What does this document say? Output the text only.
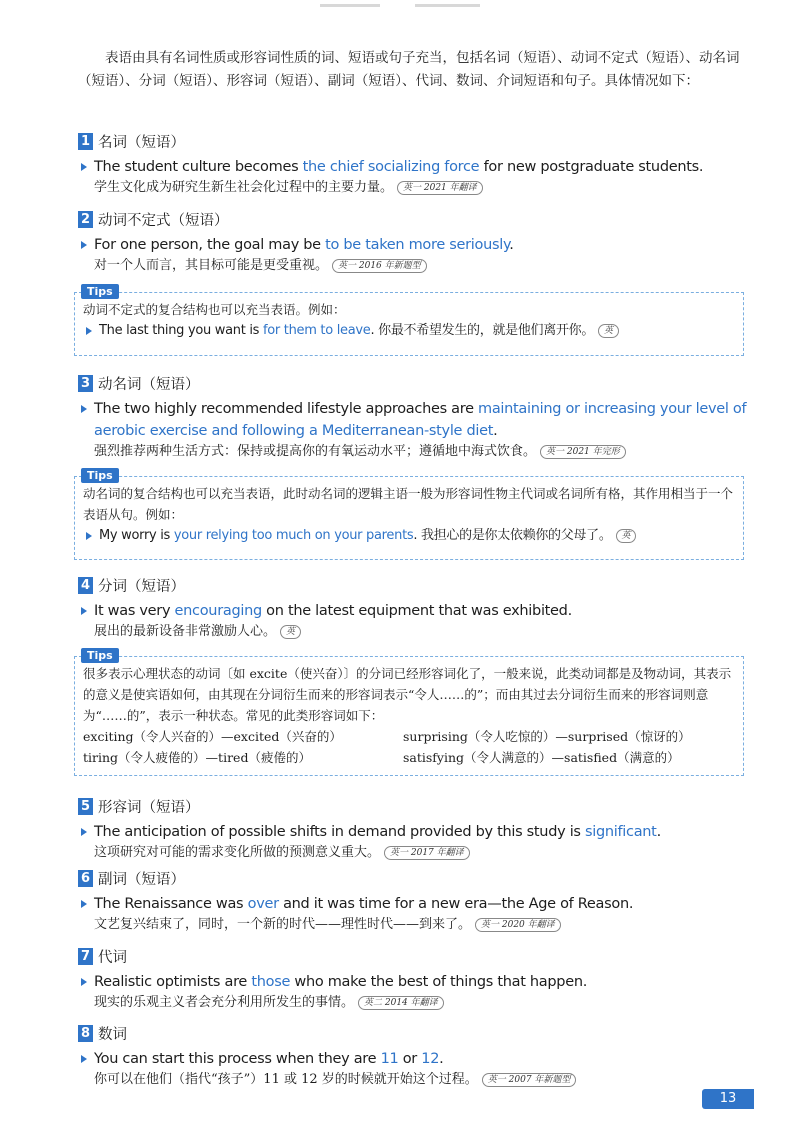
表语由具有名词性质或形容词性质的词、短语或句子充当，包括名词（短语）、动词不定式（短语）、动名词（短语）、分词（短语）、形容词（短语）、副词（短语）、代词、数词、介词短语和句子。具体情况如下：
1 名词（短语）
The student culture becomes the chief socializing force for new postgraduate students.
学生文化成为研究生新生社会化过程中的主要力量。 英一 2021 年翻译
2 动词不定式（短语）
For one person, the goal may be to be taken more seriously.
对一个人而言，其目标可能是更受重视。 英一 2016 年新题型
Tips
动词不定式的复合结构也可以充当表语。例如：
The last thing you want is for them to leave. 你最不希望发生的，就是他们离开你。 英
3 动名词（短语）
The two highly recommended lifestyle approaches are maintaining or increasing your level of aerobic exercise and following a Mediterranean-style diet.
强烈推荐两种生活方式：保持或提高你的有氧运动水平；遵循地中海式饮食。 英一 2021 年完形
Tips
动名词的复合结构也可以充当表语，此时动名词的逻辑主语一般为形容词性物主代词或名词所有格，其作用相当于一个表语从句。例如：
My worry is your relying too much on your parents. 我担心的是你太依赖你的父母了。 英
4 分词（短语）
It was very encouraging on the latest equipment that was exhibited.
展出的最新设备非常激励人心。 英
Tips
很多表示心理状态的动词〔如 excite（使兴奋）〕的分词已经形容词化了，一般来说，此类动词都是及物动词，其表示的意义是使宾语如何，由其现在分词衍生而来的形容词表示“令人……的”；而由其过去分词衍生而来的形容词则意为“……的”，表示一种状态。常见的此类形容词如下：
exciting（令人兴奋的）—excited（兴奋的）	surprising（令人吃惊的）—surprised（惊讶的）
tiring（令人疲倦的）—tired（疲倦的）	satisfying（令人满意的）—satisfied（满意的）
5 形容词（短语）
The anticipation of possible shifts in demand provided by this study is significant.
这项研究对可能的需求变化所做的预测意义重大。 英一 2017 年翻译
6 副词（短语）
The Renaissance was over and it was time for a new era—the Age of Reason.
文艺复兴结束了，同时，一个新的时代——理性时代——到来了。 英一 2020 年翻译
7 代词
Realistic optimists are those who make the best of things that happen.
现实的乐观主义者会充分利用所发生的事情。 英二 2014 年翻译
8 数词
You can start this process when they are 11 or 12.
你可以在他们（指代“孩子”）11 或 12 岁的时候就开始这个过程。 英一 2007 年新题型
13
